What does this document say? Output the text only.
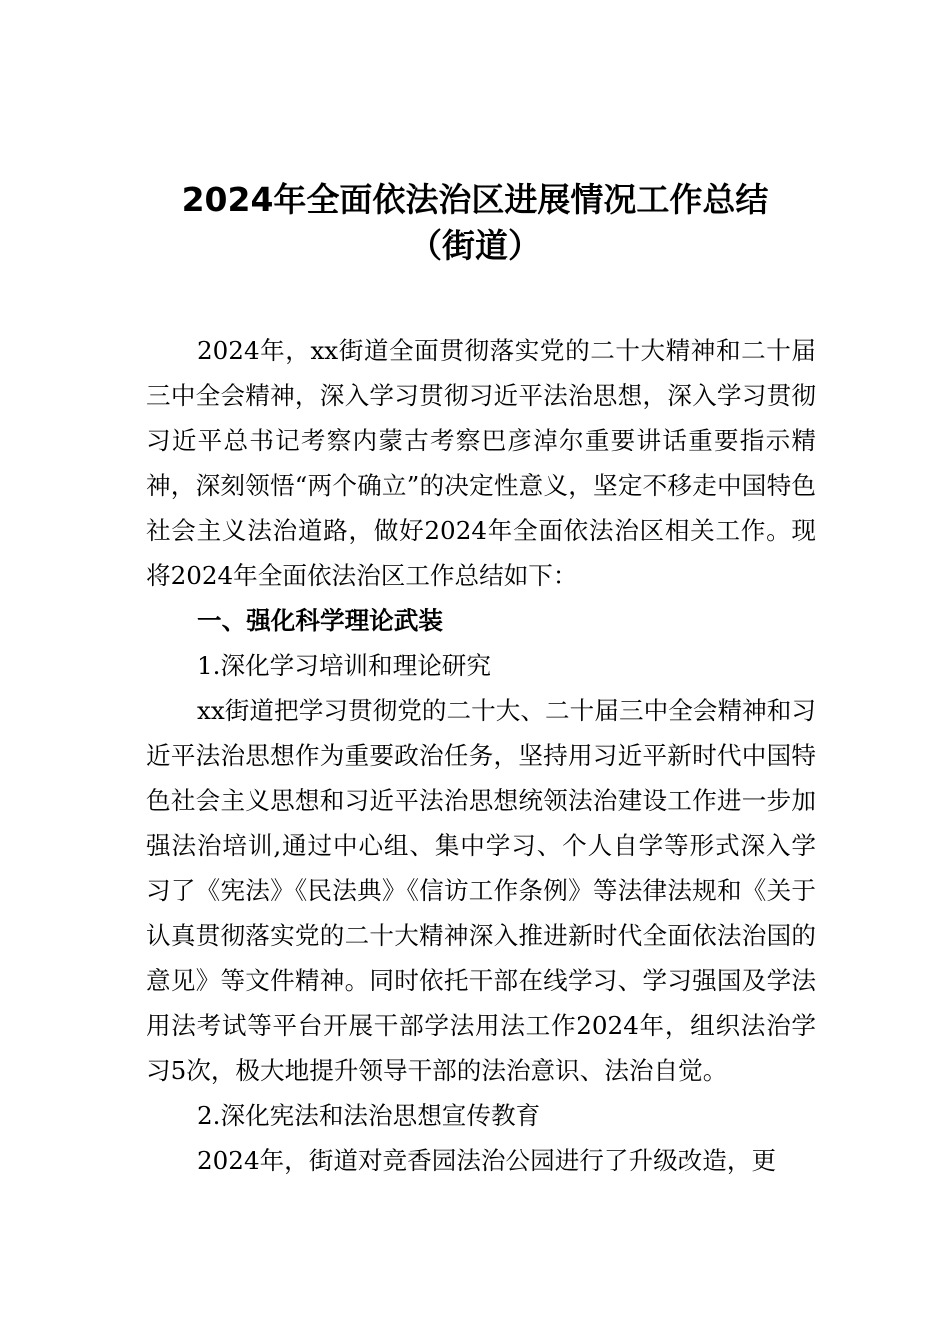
2024年全面依法治区进展情况工作总结
（街道）

2024年，xx街道全面贯彻落实党的二十大精神和二十届三中全会精神，深入学习贯彻习近平法治思想，深入学习贯彻习近平总书记考察内蒙古考察巴彦淖尔重要讲话重要指示精神，深刻领悟“两个确立”的决定性意义，坚定不移走中国特色社会主义法治道路，做好2024年全面依法治区相关工作。现将2024年全面依法治区工作总结如下：

一、强化科学理论武装

1.深化学习培训和理论研究

xx街道把学习贯彻党的二十大、二十届三中全会精神和习近平法治思想作为重要政治任务，坚持用习近平新时代中国特色社会主义思想和习近平法治思想统领法治建设工作进一步加强法治培训,通过中心组、集中学习、个人自学等形式深入学习了《宪法》《民法典》《信访工作条例》等法律法规和《关于认真贯彻落实党的二十大精神深入推进新时代全面依法治国的意见》等文件精神。同时依托干部在线学习、学习强国及学法用法考试等平台开展干部学法用法工作2024年，组织法治学习5次，极大地提升领导干部的法治意识、法治自觉。

2.深化宪法和法治思想宣传教育

2024年，街道对竞香园法治公园进行了升级改造，更
